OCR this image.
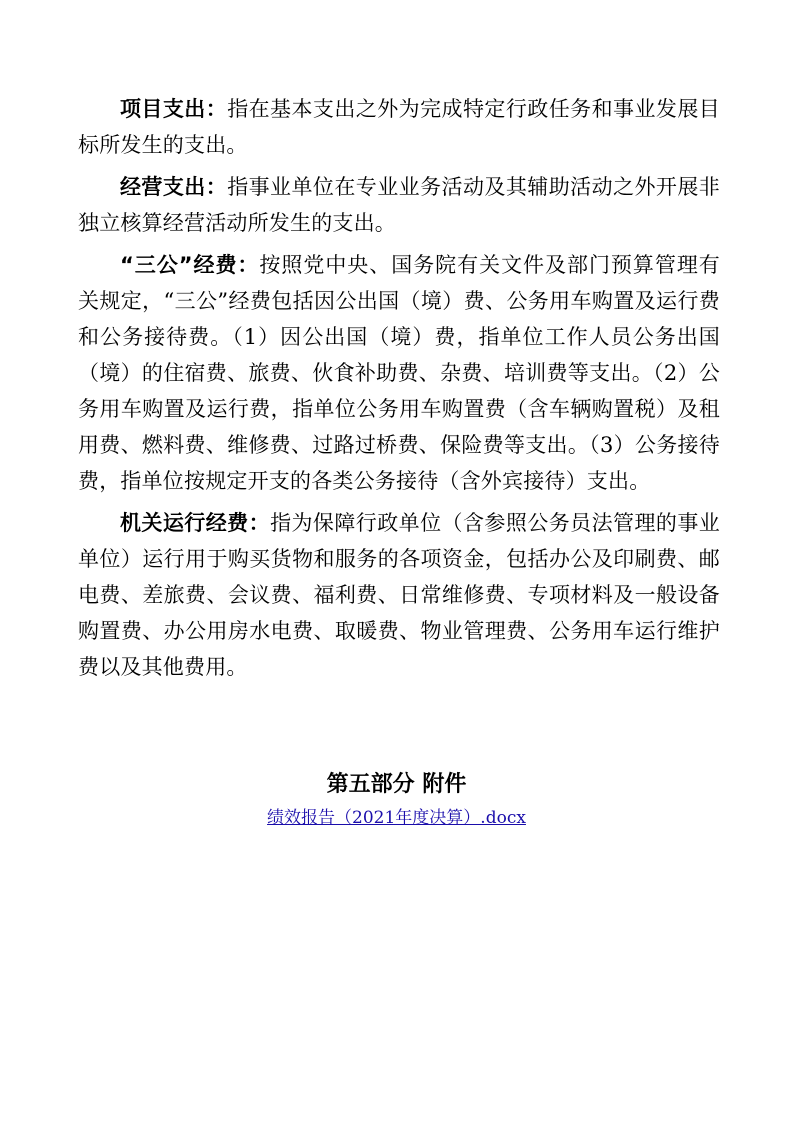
项目支出：指在基本支出之外为完成特定行政任务和事业发展目标所发生的支出。

经营支出：指事业单位在专业业务活动及其辅助活动之外开展非独立核算经营活动所发生的支出。

“三公”经费：按照党中央、国务院有关文件及部门预算管理有关规定，“三公”经费包括因公出国（境）费、公务用车购置及运行费和公务接待费。（1）因公出国（境）费，指单位工作人员公务出国（境）的住宿费、旅费、伙食补助费、杂费、培训费等支出。（2）公务用车购置及运行费，指单位公务用车购置费（含车辆购置税）及租用费、燃料费、维修费、过路过桥费、保险费等支出。（3）公务接待费，指单位按规定开支的各类公务接待（含外宾接待）支出。

机关运行经费：指为保障行政单位（含参照公务员法管理的事业单位）运行用于购买货物和服务的各项资金，包括办公及印刷费、邮电费、差旅费、会议费、福利费、日常维修费、专项材料及一般设备购置费、办公用房水电费、取暖费、物业管理费、公务用车运行维护费以及其他费用。

第五部分 附件
绩效报告（2021年度决算）.docx
